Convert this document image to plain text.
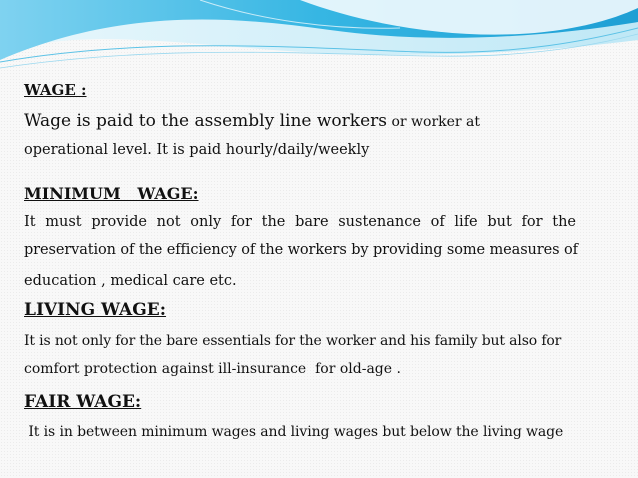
WAGE :
Wage is paid to the assembly line workers or worker at
operational level. It is paid hourly/daily/weekly
MINIMUM   WAGE:
It must provide not only for the bare sustenance of life but for the
preservation of the efficiency of the workers by providing some measures of
education , medical care etc.
LIVING WAGE:
It is not only for the bare essentials for the worker and his family but also for
comfort protection against ill-insurance  for old-age .
FAIR WAGE:
It is in between minimum wages and living wages but below the living wage
